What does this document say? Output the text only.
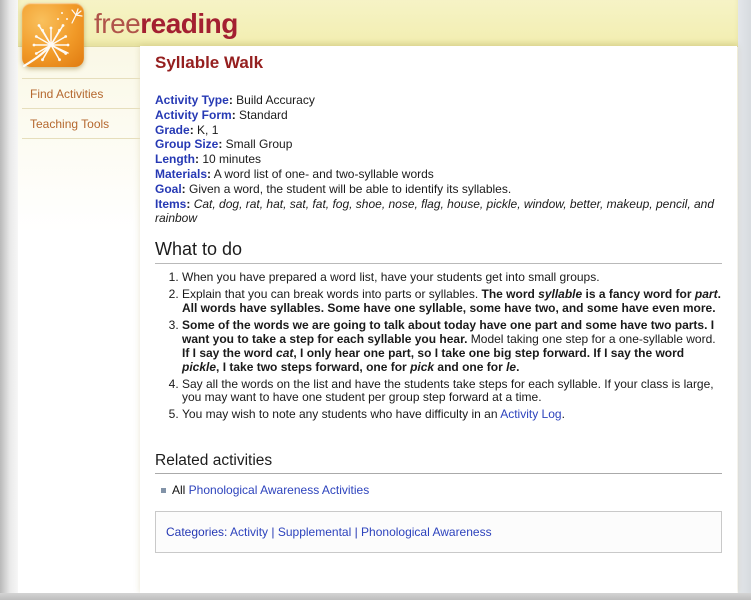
freereading
Find Activities
Teaching Tools
Syllable Walk
Activity Type: Build Accuracy
Activity Form: Standard
Grade: K, 1
Group Size: Small Group
Length: 10 minutes
Materials: A word list of one- and two-syllable words
Goal: Given a word, the student will be able to identify its syllables.
Items: Cat, dog, rat, hat, sat, fat, fog, shoe, nose, flag, house, pickle, window, better, makeup, pencil, and rainbow
What to do
1. When you have prepared a word list, have your students get into small groups.
2. Explain that you can break words into parts or syllables. The word syllable is a fancy word for part. All words have syllables. Some have one syllable, some have two, and some have even more.
3. Some of the words we are going to talk about today have one part and some have two parts. I want you to take a step for each syllable you hear. Model taking one step for a one-syllable word. If I say the word cat, I only hear one part, so I take one big step forward. If I say the word pickle, I take two steps forward, one for pick and one for le.
4. Say all the words on the list and have the students take steps for each syllable. If your class is large, you may want to have one student per group step forward at a time.
5. You may wish to note any students who have difficulty in an Activity Log.
Related activities
All Phonological Awareness Activities
Categories: Activity | Supplemental | Phonological Awareness
